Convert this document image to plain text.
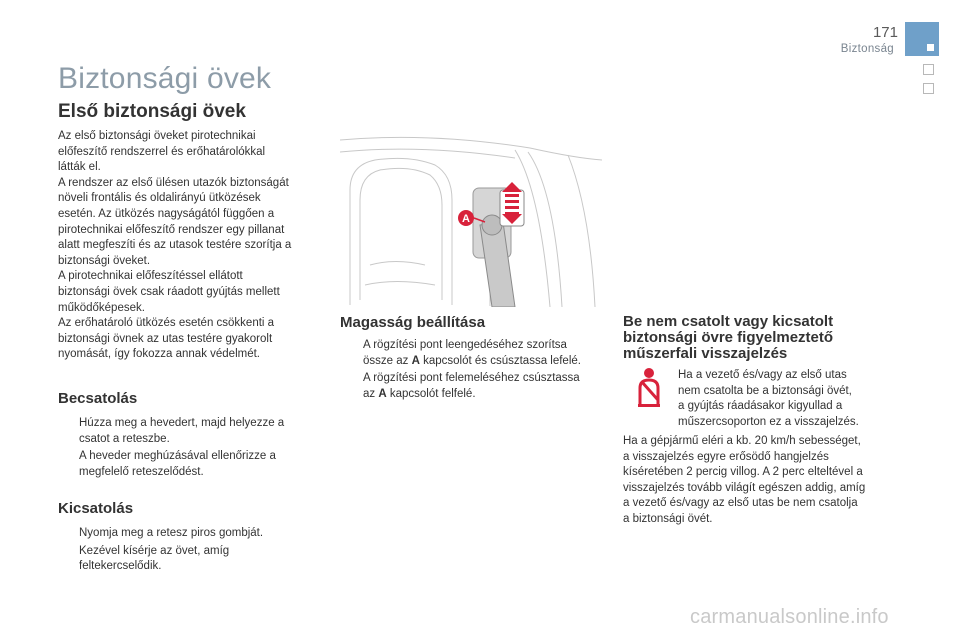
171
Biztonság
Biztonsági övek
Első biztonsági övek
Az első biztonsági öveket pirotechnikai
előfeszítő rendszerrel és erőhatárolókkal
látták el.
A rendszer az első ülésen utazók biztonságát
növeli frontális és oldalirányú ütközések
esetén. Az ütközés nagyságától függően a
pirotechnikai előfeszítő rendszer egy pillanat
alatt megfeszíti és az utasok testére szorítja a
biztonsági öveket.
A pirotechnikai előfeszítéssel ellátott
biztonsági övek csak ráadott gyújtás mellett
működőképesek.
Az erőhatároló ütközés esetén csökkenti a
biztonsági övnek az utas testére gyakorolt
nyomását, így fokozza annak védelmét.
Becsatolás
Húzza meg a hevedert, majd helyezze a
csatot a reteszbe.
A heveder meghúzásával ellenőrizze a
megfelelő reteszelődést.
Kicsatolás
Nyomja meg a retesz piros gombját.
Kezével kísérje az övet, amíg
feltekercselődik.
A
Magasság beállítása
A rögzítési pont leengedéséhez szorítsa
össze az A kapcsolót és csúsztassa lefelé.
A rögzítési pont felemeléséhez csúsztassa
az A kapcsolót felfelé.
Be nem csatolt vagy kicsatolt
biztonsági övre figyelmeztető
műszerfali visszajelzés
Ha a vezető és/vagy az első utas
nem csatolta be a biztonsági övét,
a gyújtás ráadásakor kigyullad a
műszercsoporton ez a visszajelzés.
Ha a gépjármű eléri a kb. 20 km/h sebességet,
a visszajelzés egyre erősödő hangjelzés
kíséretében 2 percig villog. A 2 perc elteltével a
visszajelzés tovább világít egészen addig, amíg
a vezető és/vagy az első utas be nem csatolja
a biztonsági övét.
carmanualsonline.info
